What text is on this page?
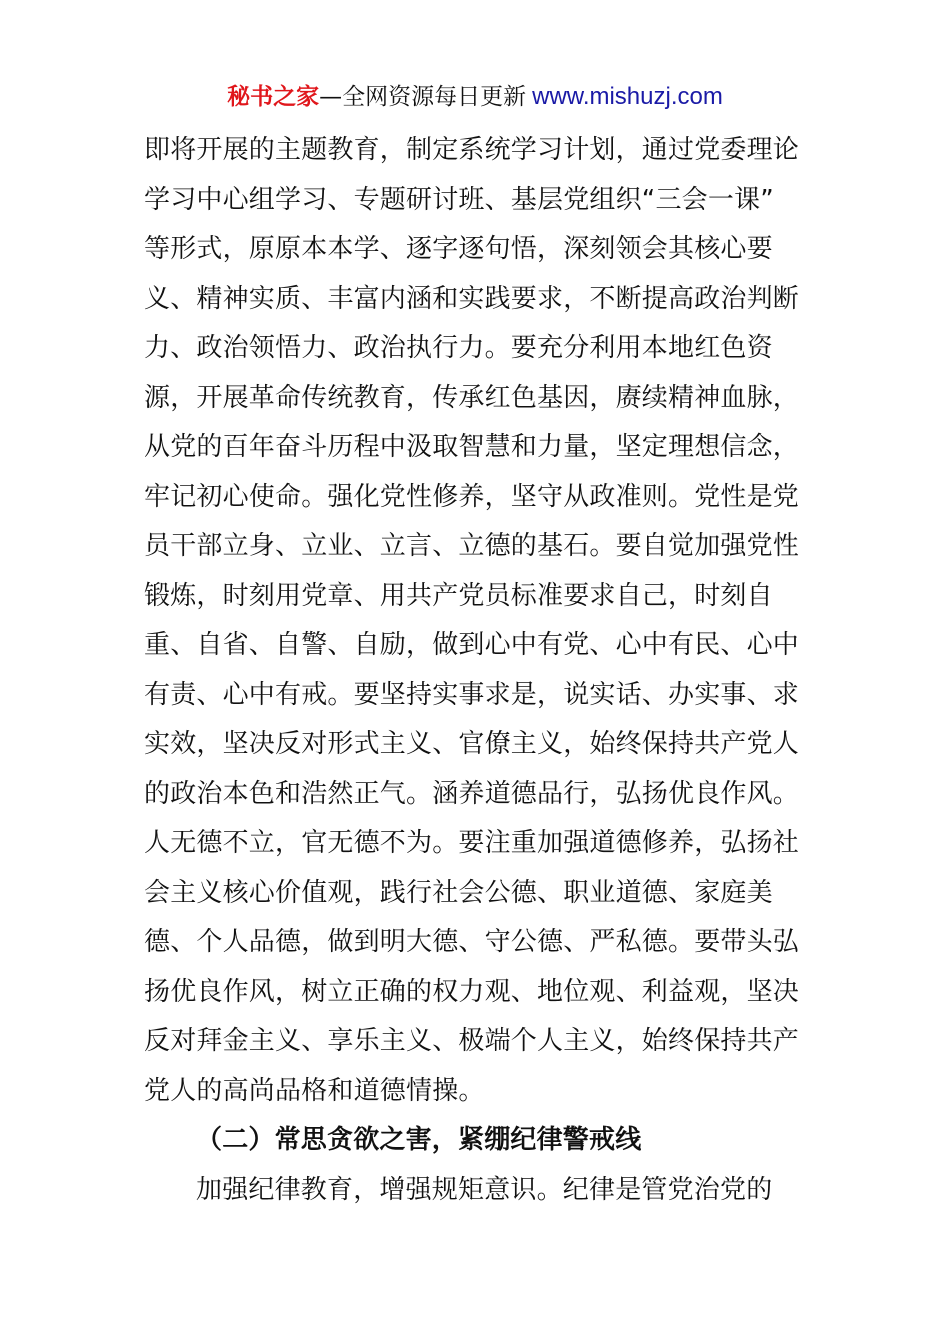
秘书之家—全网资源每日更新 www.mishuzj.com
即将开展的主题教育，制定系统学习计划，通过党委理论
学习中心组学习、专题研讨班、基层党组织“三会一课”
等形式，原原本本学、逐字逐句悟，深刻领会其核心要
义、精神实质、丰富内涵和实践要求，不断提高政治判断
力、政治领悟力、政治执行力。要充分利用本地红色资
源，开展革命传统教育，传承红色基因，赓续精神血脉，
从党的百年奋斗历程中汲取智慧和力量，坚定理想信念，
牢记初心使命。强化党性修养，坚守从政准则。党性是党
员干部立身、立业、立言、立德的基石。要自觉加强党性
锻炼，时刻用党章、用共产党员标准要求自己，时刻自
重、自省、自警、自励，做到心中有党、心中有民、心中
有责、心中有戒。要坚持实事求是，说实话、办实事、求
实效，坚决反对形式主义、官僚主义，始终保持共产党人
的政治本色和浩然正气。涵养道德品行，弘扬优良作风。
人无德不立，官无德不为。要注重加强道德修养，弘扬社
会主义核心价值观，践行社会公德、职业道德、家庭美
德、个人品德，做到明大德、守公德、严私德。要带头弘
扬优良作风，树立正确的权力观、地位观、利益观，坚决
反对拜金主义、享乐主义、极端个人主义，始终保持共产
党人的高尚品格和道德情操。
（二）常思贪欲之害，紧绷纪律警戒线
加强纪律教育，增强规矩意识。纪律是管党治党的
